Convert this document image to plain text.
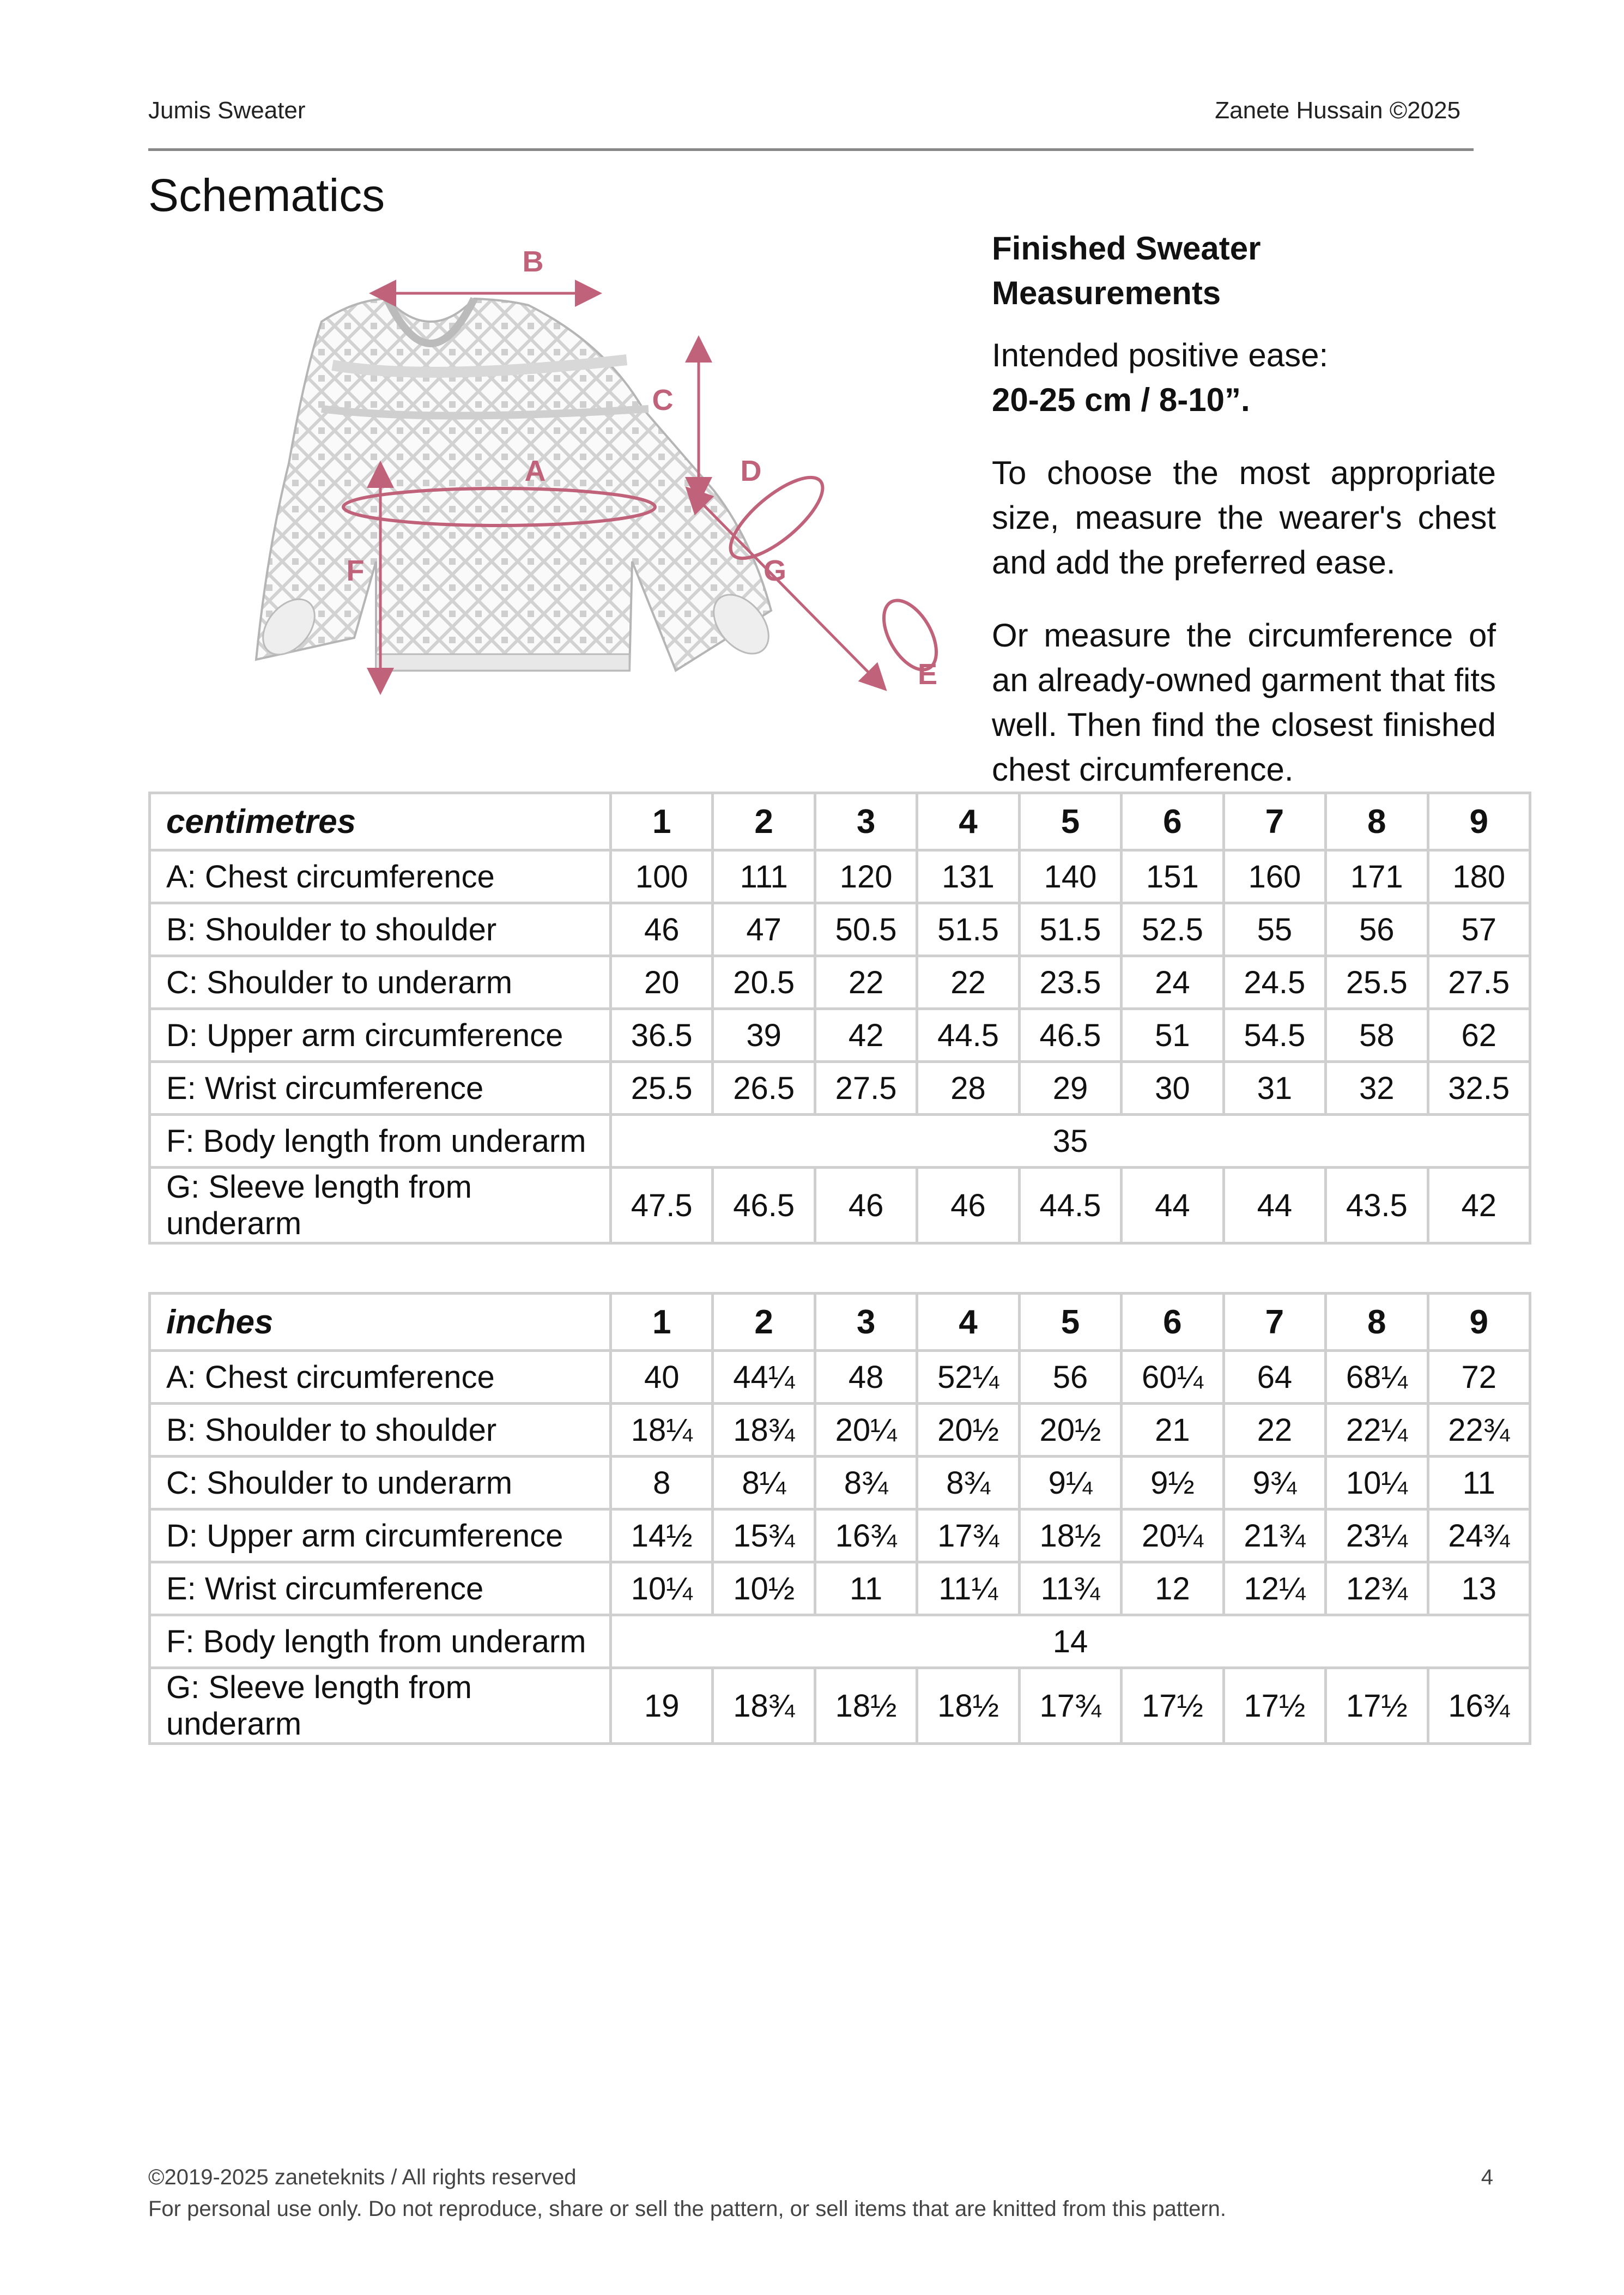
Jumis Sweater	Zanete Hussain ©2025
Schematics
B
C
A	D
F	G
E
Finished Sweater Measurements

Intended positive ease:
20-25 cm / 8-10”.

To choose the most appropriate size, measure the wearer's chest and add the preferred ease.

Or measure the circumference of an already-owned garment that fits well. Then find the closest finished chest circumference.

centimetres	1	2	3	4	5	6	7	8	9
A: Chest circumference	100	111	120	131	140	151	160	171	180
B: Shoulder to shoulder	46	47	50.5	51.5	51.5	52.5	55	56	57
C: Shoulder to underarm	20	20.5	22	22	23.5	24	24.5	25.5	27.5
D: Upper arm circumference	36.5	39	42	44.5	46.5	51	54.5	58	62
E: Wrist circumference	25.5	26.5	27.5	28	29	30	31	32	32.5
F: Body length from underarm	35								
G: Sleeve length from underarm	47.5	46.5	46	46	44.5	44	44	43.5	42
inches	1	2	3	4	5	6	7	8	9
A: Chest circumference	40	44¼	48	52¼	56	60¼	64	68¼	72
B: Shoulder to shoulder	18¼	18¾	20¼	20½	20½	21	22	22¼	22¾
C: Shoulder to underarm	8	8¼	8¾	8¾	9¼	9½	9¾	10¼	11
D: Upper arm circumference	14½	15¾	16¾	17¾	18½	20¼	21¾	23¼	24¾
E: Wrist circumference	10¼	10½	11	11¼	11¾	12	12¼	12¾	13
F: Body length from underarm	14								
G: Sleeve length from underarm	19	18¾	18½	18½	17¾	17½	17½	17½	16¾
©2019-2025 zaneteknits / All rights reserved
For personal use only. Do not reproduce, share or sell the pattern, or sell items that are knitted from this pattern.
4
